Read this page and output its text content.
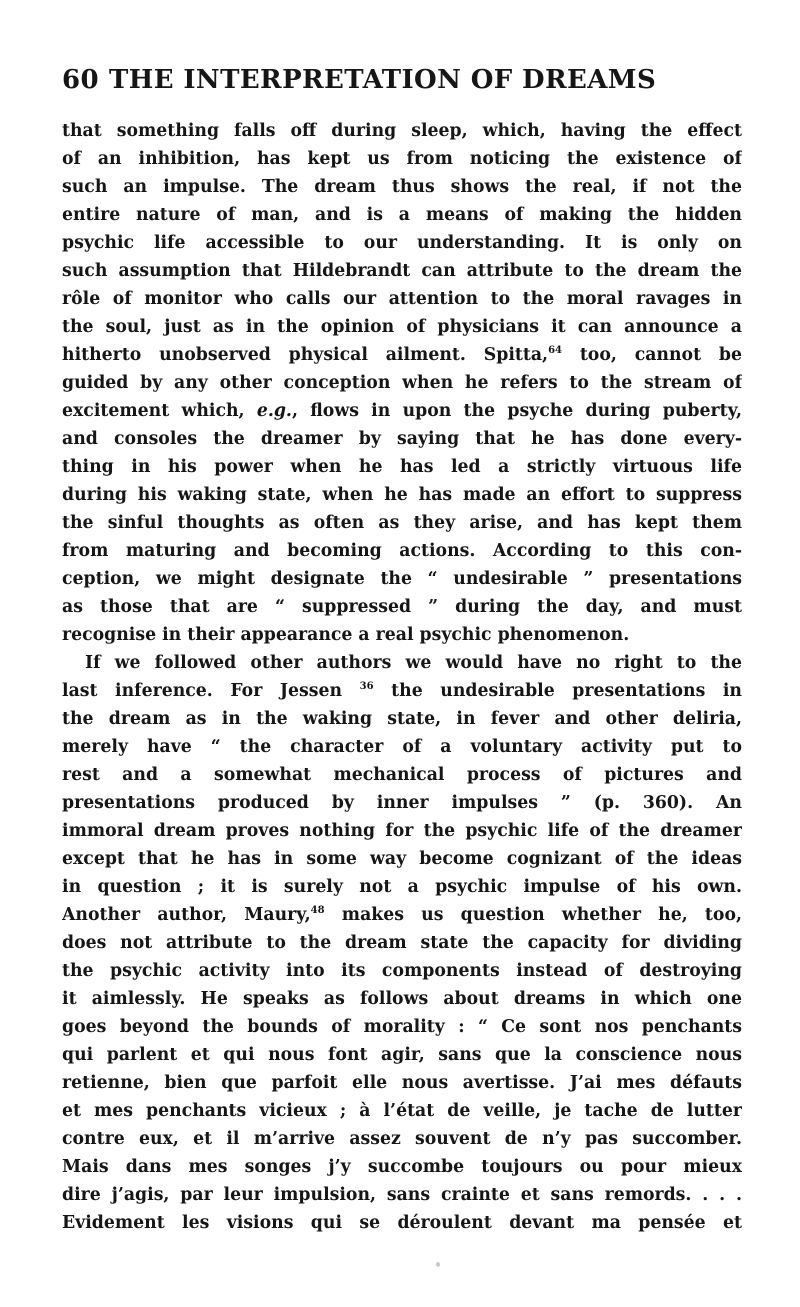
60 THE INTERPRETATION OF DREAMS
that something falls off during sleep, which, having the effect
of an inhibition, has kept us from noticing the existence of
such an impulse. The dream thus shows the real, if not the
entire nature of man, and is a means of making the hidden
psychic life accessible to our understanding. It is only on
such assumption that Hildebrandt can attribute to the dream the
rôle of monitor who calls our attention to the moral ravages in
the soul, just as in the opinion of physicians it can announce a
hitherto unobserved physical ailment. Spitta,$^{64}$ too, cannot be
guided by any other conception when he refers to the stream of
excitement which, e.g., flows in upon the psyche during puberty,
and consoles the dreamer by saying that he has done every-
thing in his power when he has led a strictly virtuous life
during his waking state, when he has made an effort to suppress
the sinful thoughts as often as they arise, and has kept them
from maturing and becoming actions. According to this con-
ception, we might designate the “ undesirable ” presentations
as those that are “ suppressed ” during the day, and must
recognise in their appearance a real psychic phenomenon.
If we followed other authors we would have no right to the
last inference. For Jessen $^{36}$ the undesirable presentations in
the dream as in the waking state, in fever and other deliria,
merely have “ the character of a voluntary activity put to
rest and a somewhat mechanical process of pictures and
presentations produced by inner impulses ” (p. 360). An
immoral dream proves nothing for the psychic life of the dreamer
except that he has in some way become cognizant of the ideas
in question ; it is surely not a psychic impulse of his own.
Another author, Maury,$^{48}$ makes us question whether he, too,
does not attribute to the dream state the capacity for dividing
the psychic activity into its components instead of destroying
it aimlessly. He speaks as follows about dreams in which one
goes beyond the bounds of morality : “ Ce sont nos penchants
qui parlent et qui nous font agir, sans que la conscience nous
retienne, bien que parfoit elle nous avertisse. J’ai mes défauts
et mes penchants vicieux ; à l’état de veille, je tache de lutter
contre eux, et il m’arrive assez souvent de n’y pas succomber.
Mais dans mes songes j’y succombe toujours ou pour mieux
dire j’agis, par leur impulsion, sans crainte et sans remords. . . .
Evidement les visions qui se déroulent devant ma pensée et
